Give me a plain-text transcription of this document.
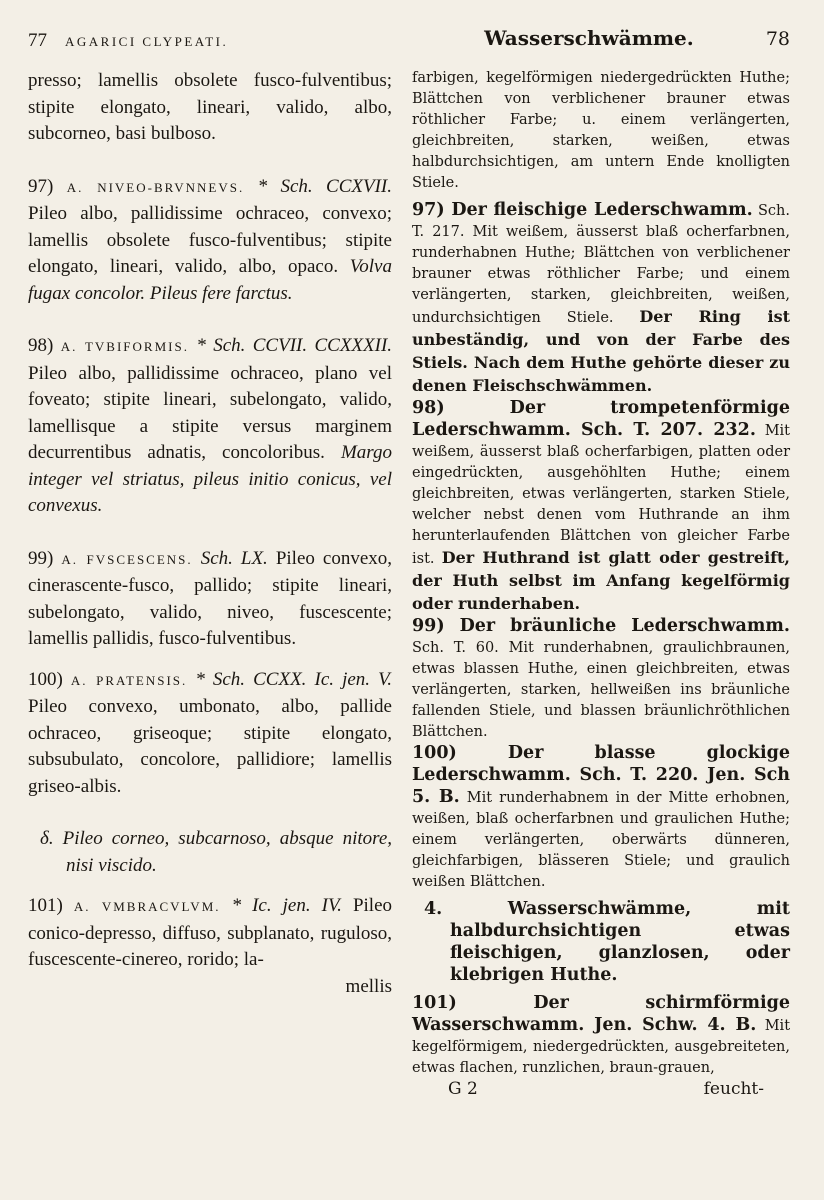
77 AGARICI CLYPEATI.

presso; lamellis obsolete fusco-fulventibus; stipite elongato, lineari, valido, albo, subcorneo, basi bulboso.

97) A. NIVEO-BRVNNEVS. * Sch. CCXVII. Pileo albo, pallidissime ochraceo, convexo; lamellis obsolete fusco-fulventibus; stipite elongato, lineari, valido, albo, opaco. Volva fugax concolor. Pileus fere farctus.

98) A. TVBIFORMIS. * Sch. CCVII. CCXXXII. Pileo albo, pallidissime ochraceo, plano vel foveato; stipite lineari, subelongato, valido, lamellisque a stipite versus marginem decurrentibus adnatis, concoloribus. Margo integer vel striatus, pileus initio conicus, vel convexus.

99) A. FVSCESCENS. Sch. LX. Pileo convexo, cinerascente-fusco, pallido; stipite lineari, subelongato, valido, niveo, fuscescente; lamellis pallidis, fusco-fulventibus.

100) A. PRATENSIS. * Sch. CCXX. Ic. jen. V. Pileo convexo, umbonato, albo, pallide ochraceo, griseoque; stipite elongato, subsubulato, concolore, pallidiore; lamellis griseo-albis.

δ. Pileo corneo, subcarnoso, absque nitore, nisi viscido.

101) A. VMBRACVLVM. * Ic. jen. IV. Pileo conico-depresso, diffuso, subplanato, ruguloso, fuscescente-cinereo, rorido; la-

mellis

Wasserschwämme.	78

farbigen, kegelförmigen niedergedrückten Huthe; Blättchen von verblichener brauner etwas röthlicher Farbe; u. einem verlängerten, gleichbreiten, starken, weißen, etwas halbdurchsichtigen, am untern Ende knolligten Stiele.

97) Der fleischige Lederschwamm. Sch. T. 217. Mit weißem, äusserst blaß ocherfarbnen, runderhabnen Huthe; Blättchen von verblichener brauner etwas röthlicher Farbe; und einem verlängerten, starken, gleichbreiten, weißen, undurchsichtigen Stiele. Der Ring ist unbeständig, und von der Farbe des Stiels. Nach dem Huthe gehörte dieser zu denen Fleischschwämmen.

98) Der trompetenförmige Lederschwamm. Sch. T. 207. 232. Mit weißem, äusserst blaß ocherfarbigen, platten oder eingedrückten, ausgehöhlten Huthe; einem gleichbreiten, etwas verlängerten, starken Stiele, welcher nebst denen vom Huthrande an ihm herunterlaufenden Blättchen von gleicher Farbe ist. Der Huthrand ist glatt oder gestreift, der Huth selbst im Anfang kegelförmig oder runderhaben.

99) Der bräunliche Lederschwamm. Sch. T. 60. Mit runderhabnen, graulichbraunen, etwas blassen Huthe, einen gleichbreiten, etwas verlängerten, starken, hellweißen ins bräunliche fallenden Stiele, und blassen bräunlichröthlichen Blättchen.

100) Der blasse glockige Lederschwamm. Sch. T. 220. Jen. Sch 5. B. Mit runderhabnem in der Mitte erhobnen, weißen, blaß ocherfarbnen und graulichen Huthe; einem verlängerten, oberwärts dünneren, gleichfarbigen, blässeren Stiele; und graulich weißen Blättchen.

4. Wasserschwämme, mit halbdurchsichtigen etwas fleischigen, glanzlosen, oder klebrigen Huthe.

101) Der schirmförmige Wasserschwamm. Jen. Schw. 4. B. Mit kegelförmigem, niedergedrückten, ausgebreiteten, etwas flachen, runzlichen, braun-grauen,

G 2	feucht-
